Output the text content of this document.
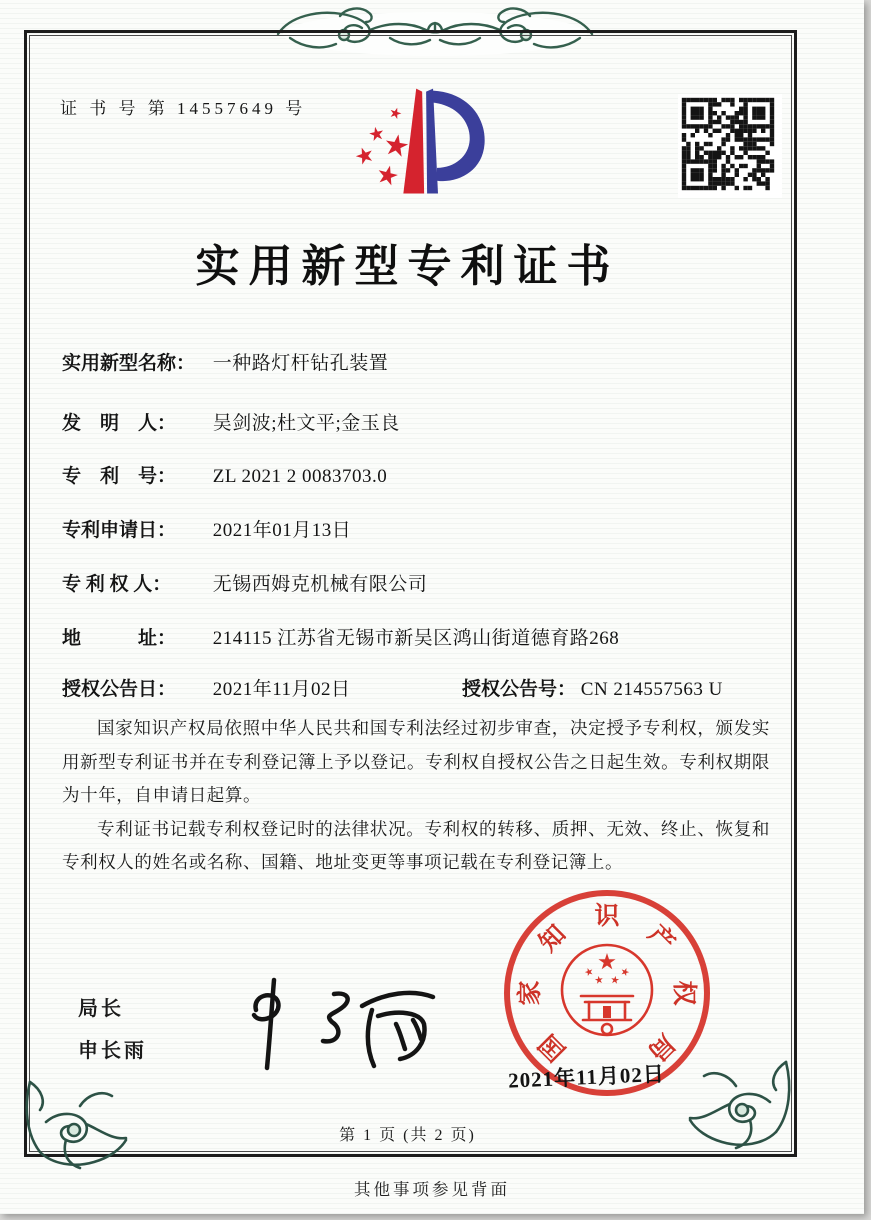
证 书 号 第 14557649 号
实用新型专利证书
实用新型名称： 一种路灯杆钻孔装置
发　明　人： 吴剑波;杜文平;金玉良
专　利　号： ZL 2021 2 0083703.0
专利申请日： 2021年01月13日
专 利 权 人： 无锡西姆克机械有限公司
地　　　址： 214115 江苏省无锡市新吴区鸿山街道德育路268
授权公告日： 2021年11月02日	授权公告号： CN 214557563 U

国家知识产权局依照中华人民共和国专利法经过初步审查，决定授予专利权，颁发实用新型专利证书并在专利登记簿上予以登记。专利权自授权公告之日起生效。专利权期限为十年，自申请日起算。

专利证书记载专利权登记时的法律状况。专利权的转移、质押、无效、终止、恢复和专利权人的姓名或名称、国籍、地址变更等事项记载在专利登记簿上。

局长
申长雨	国
家
知
识
产
权
局
2021年11月02日
第 1 页 (共 2 页)
其他事项参见背面
